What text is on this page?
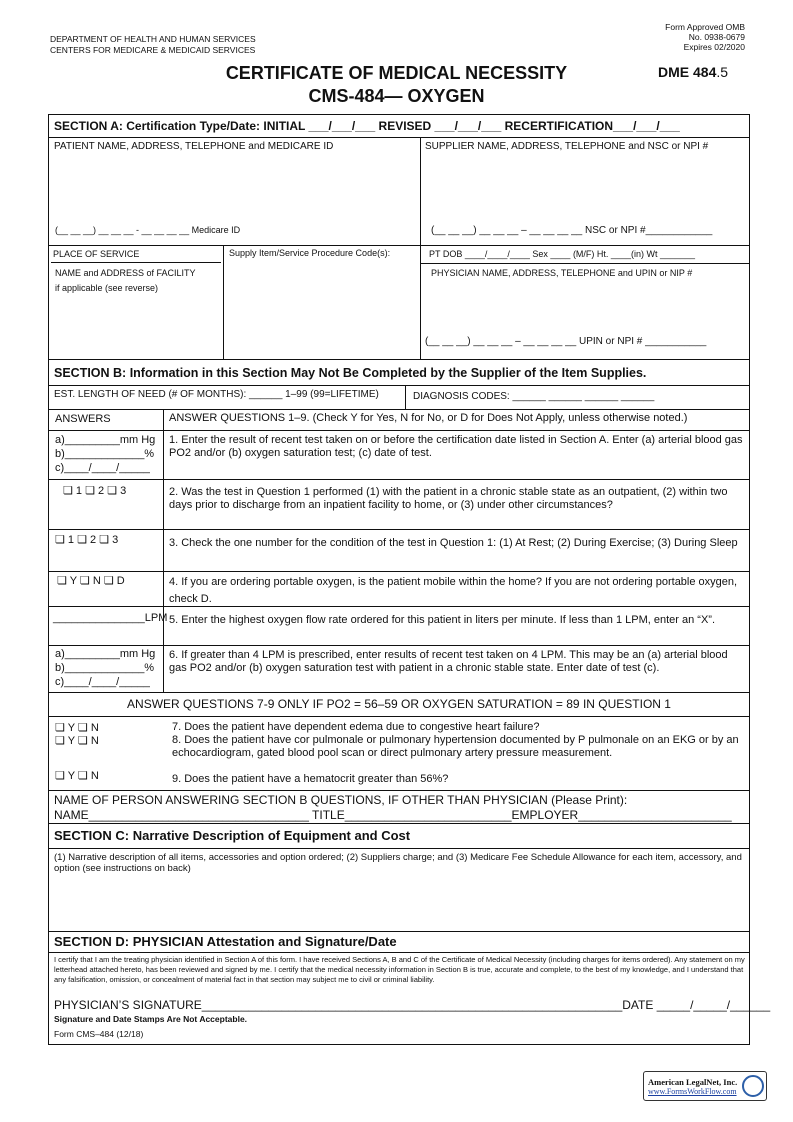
DEPARTMENT OF HEALTH AND HUMAN SERVICES
CENTERS FOR MEDICARE & MEDICAID SERVICES
Form Approved OMB
No. 0938-0679
Expires 02/2020
CERTIFICATE OF MEDICAL NECESSITY
CMS-484— OXYGEN
DME 484.5
SECTION A: Certification Type/Date: INITIAL ___/___/___ REVISED ___/___/___ RECERTIFICATION___/___/___
PATIENT NAME, ADDRESS, TELEPHONE and MEDICARE ID	SUPPLIER NAME, ADDRESS, TELEPHONE and NSC or NPI #
(__ __ __) __ __ __ - __ __ __ __ Medicare ID	(__ __ __) __ __ __ – __ __ __ __ NSC or NPI #____________
PLACE OF SERVICE	Supply Item/Service Procedure Code(s):	PT DOB ____/____/____ Sex ____ (M/F) Ht. ____(in) Wt _______
NAME and ADDRESS of FACILITY
if applicable (see reverse)
PHYSICIAN NAME, ADDRESS, TELEPHONE and UPIN or NIP #
(__ __ __) __ __ __ – __ __ __ __ UPIN or NPI # ___________
SECTION B: Information in this Section May Not Be Completed by the Supplier of the Item Supplies.
EST. LENGTH OF NEED (# OF MONTHS): ______ 1–99 (99=LIFETIME)	DIAGNOSIS CODES: ______ ______ ______ ______
ANSWERS	ANSWER QUESTIONS 1–9. (Check Y for Yes, N for No, or D for Does Not Apply, unless otherwise noted.)
a)_________mm Hg
b)_____________%
c)____/____/_____
1. Enter the result of recent test taken on or before the certification date listed in Section A. Enter (a) arterial blood gas PO2 and/or (b) oxygen saturation test; (c) date of test.
❏ 1 ❏ 2 ❏ 3	2. Was the test in Question 1 performed (1) with the patient in a chronic stable state as an outpatient, (2) within two days prior to discharge from an inpatient facility to home, or (3) under other circumstances?
❏ 1 ❏ 2 ❏ 3	3. Check the one number for the condition of the test in Question 1: (1) At Rest; (2) During Exercise; (3) During Sleep
❏ Y ❏ N ❏ D	4. If you are ordering portable oxygen, is the patient mobile within the home? If you are not ordering portable oxygen, check D.
_______________LPM 5. Enter the highest oxygen flow rate ordered for this patient in liters per minute. If less than 1 LPM, enter an “X”.
a)_________mm Hg
b)_____________%
c)____/____/_____
6. If greater than 4 LPM is prescribed, enter results of recent test taken on 4 LPM. This may be an (a) arterial blood gas PO2 and/or (b) oxygen saturation test with patient in a chronic stable state. Enter date of test (c).
ANSWER QUESTIONS 7-9 ONLY IF PO2 = 56–59 OR OXYGEN SATURATION = 89 IN QUESTION 1
❏ Y ❏ N	7. Does the patient have dependent edema due to congestive heart failure?
❏ Y ❏ N	8. Does the patient have cor pulmonale or pulmonary hypertension documented by P pulmonale on an EKG or by an echocardiogram, gated blood pool scan or direct pulmonary artery pressure measurement.
❏ Y ❏ N	9. Does the patient have a hematocrit greater than 56%?
NAME OF PERSON ANSWERING SECTION B QUESTIONS, IF OTHER THAN PHYSICIAN (Please Print):
NAME_________________________________ TITLE_________________________EMPLOYER_______________________
SECTION C: Narrative Description of Equipment and Cost
(1) Narrative description of all items, accessories and option ordered; (2) Suppliers charge; and (3) Medicare Fee Schedule Allowance for each item, accessory, and option (see instructions on back)
SECTION D: PHYSICIAN Attestation and Signature/Date
I certify that I am the treating physician identified in Section A of this form. I have received Sections A, B and C of the Certificate of Medical Necessity (including charges for items ordered). Any statement on my letterhead attached hereto, has been reviewed and signed by me. I certify that the medical necessity information in Section B is true, accurate and complete, to the best of my knowledge, and I understand that any falsification, omission, or concealment of material fact in that section may subject me to civil or criminal liability.
PHYSICIAN’S SIGNATURE_______________________________________________________________DATE _____/_____/______
Signature and Date Stamps Are Not Acceptable.
Form CMS–484 (12/18)
American LegalNet, Inc.
www.FormsWorkFlow.com
